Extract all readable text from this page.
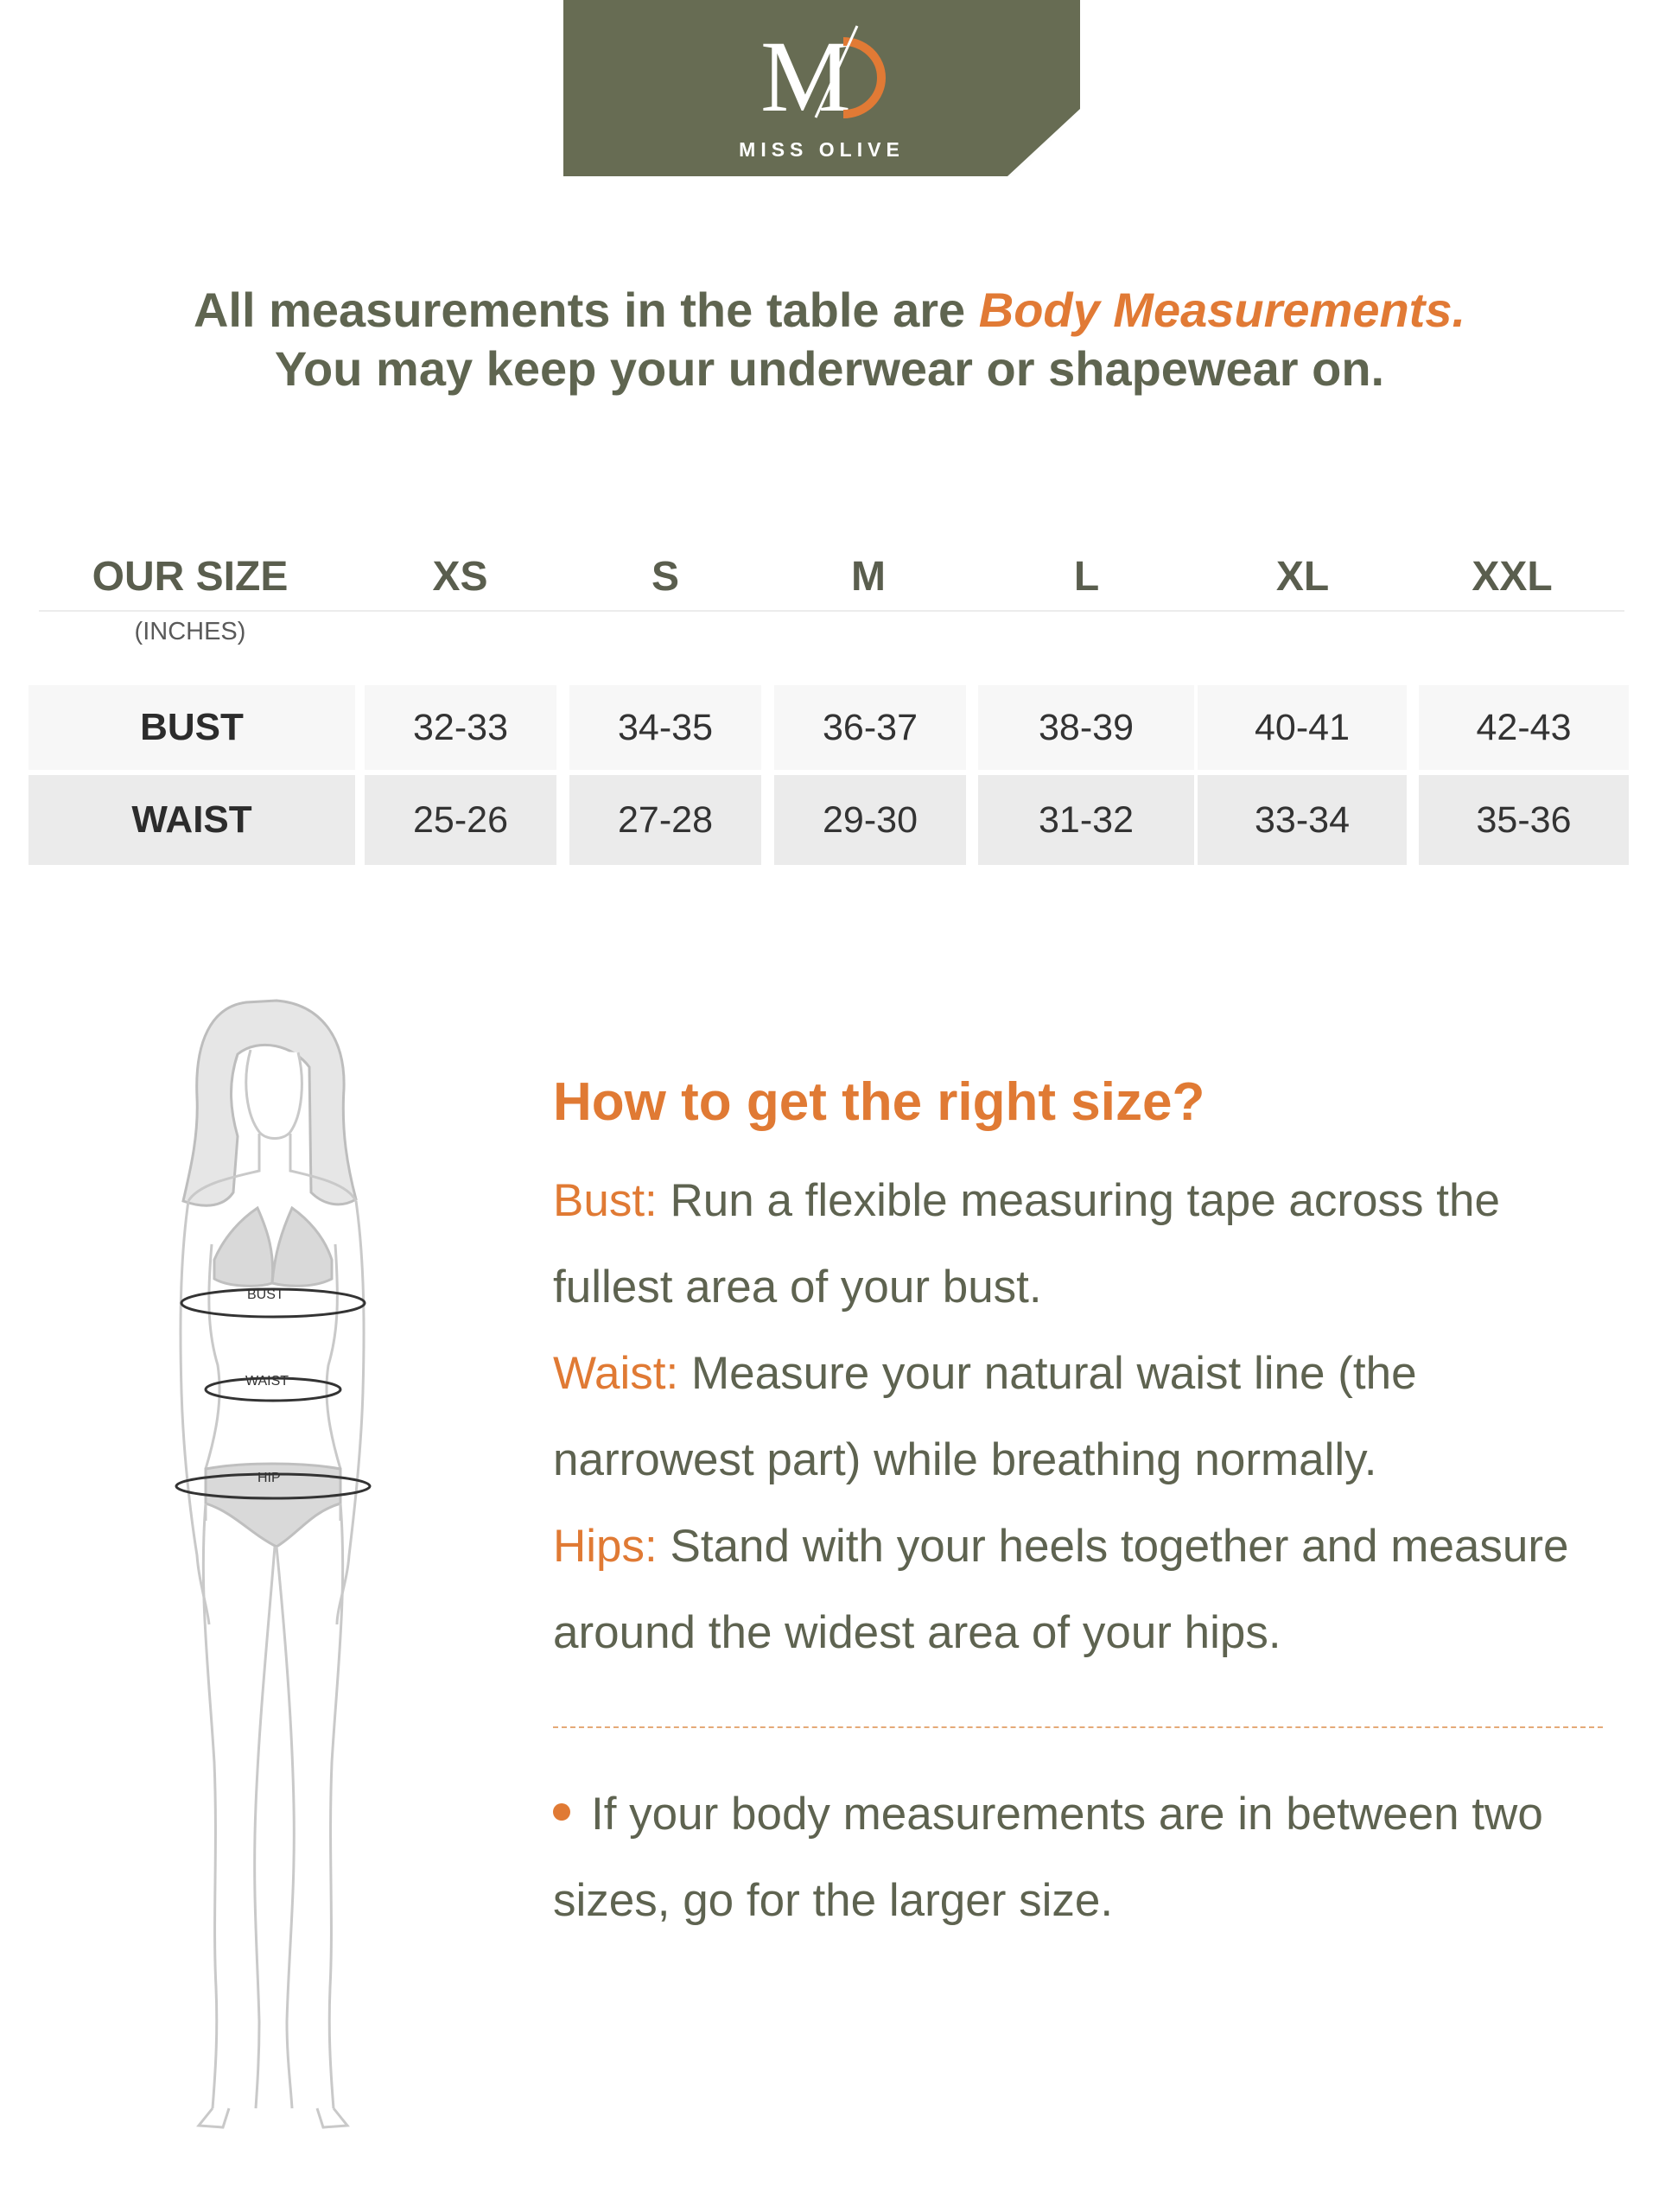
M
MISS OLIVE
All measurements in the table are Body Measurements.
You may keep your underwear or shapewear on.
OUR SIZE	XS	S	M	L	XL	XXL
(INCHES)
BUST	32-33	34-35	36-37	38-39	40-41	42-43
WAIST	25-26	27-28	29-30	31-32	33-34	35-36
BUST
WAIST
HIP
How to get the right size?
Bust: Run a flexible measuring tape across the fullest area of your bust.
Waist: Measure your natural waist line (the narrowest part) while breathing normally.
Hips: Stand with your heels together and measure around the widest area of your hips.
If your body measurements are in between two sizes, go for the larger size.
